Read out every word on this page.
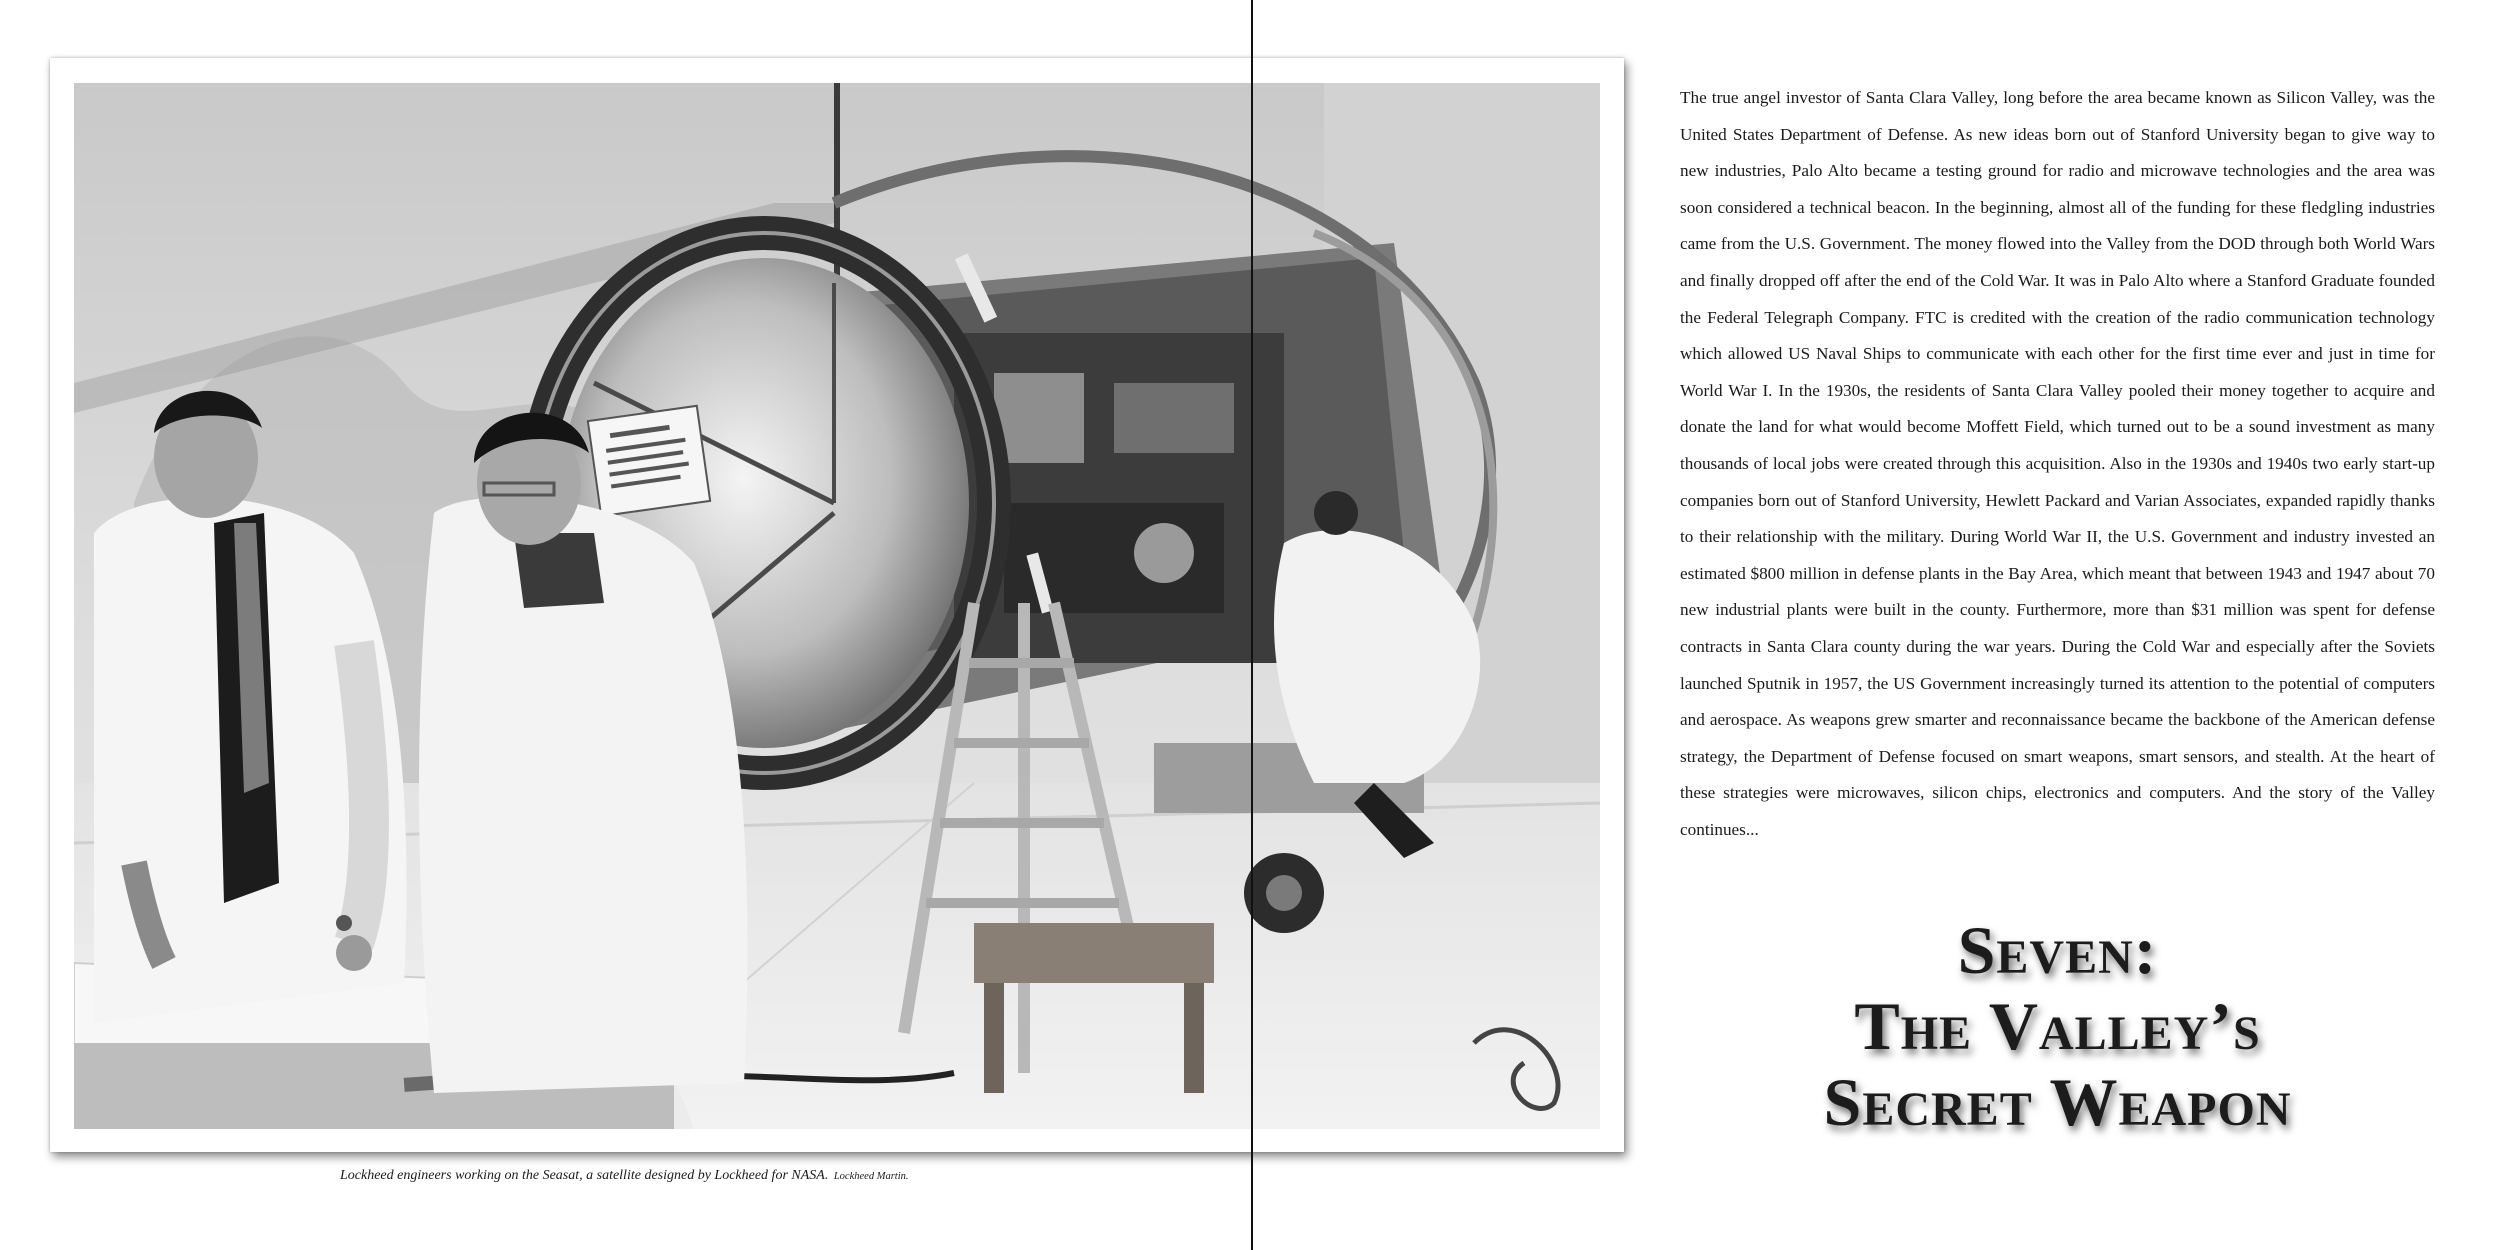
Lockheed engineers working on the Seasat, a satellite designed by Lockheed for NASA. Lockheed Martin.

The true angel investor of Santa Clara Valley, long before the area became known as Silicon Valley, was the United States Department of Defense. As new ideas born out of Stanford University began to give way to new industries, Palo Alto became a testing ground for radio and microwave technologies and the area was soon considered a technical beacon. In the beginning, almost all of the funding for these fledgling industries came from the U.S. Government. The money flowed into the Valley from the DOD through both World Wars and finally dropped off after the end of the Cold War. It was in Palo Alto where a Stanford Graduate founded the Federal Telegraph Company. FTC is credited with the creation of the radio communication technology which allowed US Naval Ships to communicate with each other for the first time ever and just in time for World War I. In the 1930s, the residents of Santa Clara Valley pooled their money together to acquire and donate the land for what would become Moffett Field, which turned out to be a sound investment as many thousands of local jobs were created through this acquisition. Also in the 1930s and 1940s two early start-up companies born out of Stanford University, Hewlett Packard and Varian Associates, expanded rapidly thanks to their relationship with the military. During World War II, the U.S. Government and industry invested an estimated $800 million in defense plants in the Bay Area, which meant that between 1943 and 1947 about 70 new industrial plants were built in the county. Furthermore, more than $31 million was spent for defense contracts in Santa Clara county during the war years. During the Cold War and especially after the Soviets launched Sputnik in 1957, the US Government increasingly turned its attention to the potential of computers and aerospace. As weapons grew smarter and reconnaissance became the backbone of the American defense strategy, the Department of Defense focused on smart weapons, smart sensors, and stealth. At the heart of these strategies were microwaves, silicon chips, electronics and computers. And the story of the Valley continues...

Seven:
The Valley’s
Secret Weapon
